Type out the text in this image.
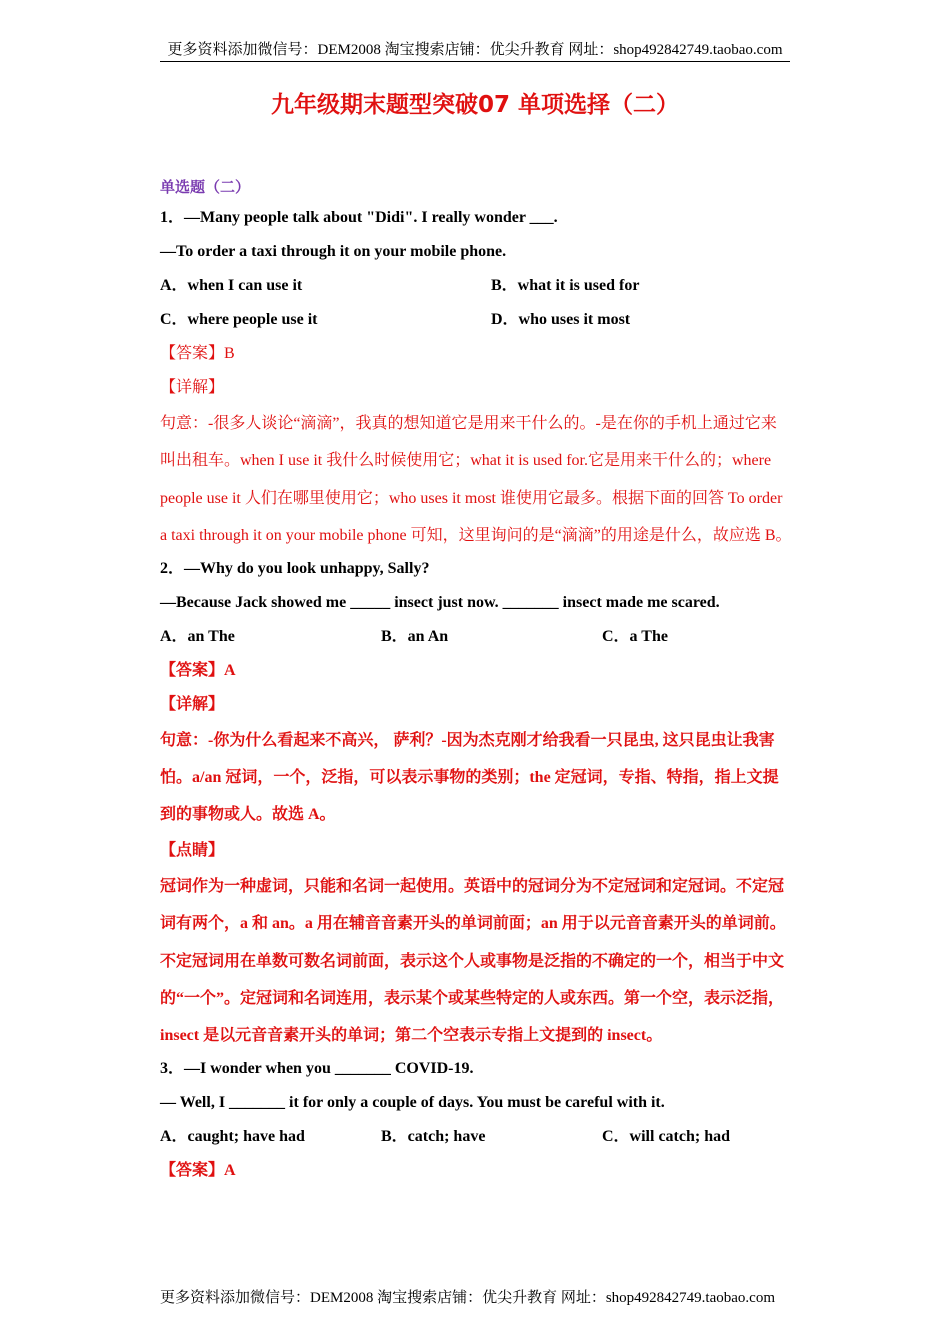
更多资料添加微信号：DEM2008 淘宝搜索店铺：优尖升教育 网址：shop492842749.taobao.com
九年级期末题型突破07 单项选择（二）
单选题（二）
1．—Many people talk about "Didi". I really wonder ___.
—To order a taxi through it on your mobile phone.
A．when I can use it	B．what it is used for
C．where people use it	D．who uses it most
【答案】B
【详解】
句意：-很多人谈论“滴滴”，我真的想知道它是用来干什么的。-是在你的手机上通过它来叫出租车。when I use it 我什么时候使用它；what it is used for.它是用来干什么的；where people use it 人们在哪里使用它；who uses it most 谁使用它最多。根据下面的回答 To order a taxi through it on your mobile phone 可知，这里询问的是“滴滴”的用途是什么，故应选 B。
2．—Why do you look unhappy, Sally?
—Because Jack showed me _____ insect just now. _______ insect made me scared.
A．an The	B．an An	C．a The
【答案】A
【详解】
句意：-你为什么看起来不高兴， 萨利？-因为杰克刚才给我看一只昆虫, 这只昆虫让我害怕。a/an 冠词，一个，泛指，可以表示事物的类别；the 定冠词，专指、特指，指上文提到的事物或人。故选 A。
【点睛】
冠词作为一种虚词，只能和名词一起使用。英语中的冠词分为不定冠词和定冠词。不定冠词有两个，a 和 an。a 用在辅音音素开头的单词前面；an 用于以元音音素开头的单词前。不定冠词用在单数可数名词前面，表示这个人或事物是泛指的不确定的一个，相当于中文的“一个”。定冠词和名词连用，表示某个或某些特定的人或东西。第一个空，表示泛指，insect 是以元音音素开头的单词；第二个空表示专指上文提到的 insect。
3．—I wonder when you _______ COVID-19.
— Well, I _______ it for only a couple of days. You must be careful with it.
A．caught; have had	B．catch; have	C．will catch; had
【答案】A
更多资料添加微信号：DEM2008 淘宝搜索店铺：优尖升教育 网址：shop492842749.taobao.com
